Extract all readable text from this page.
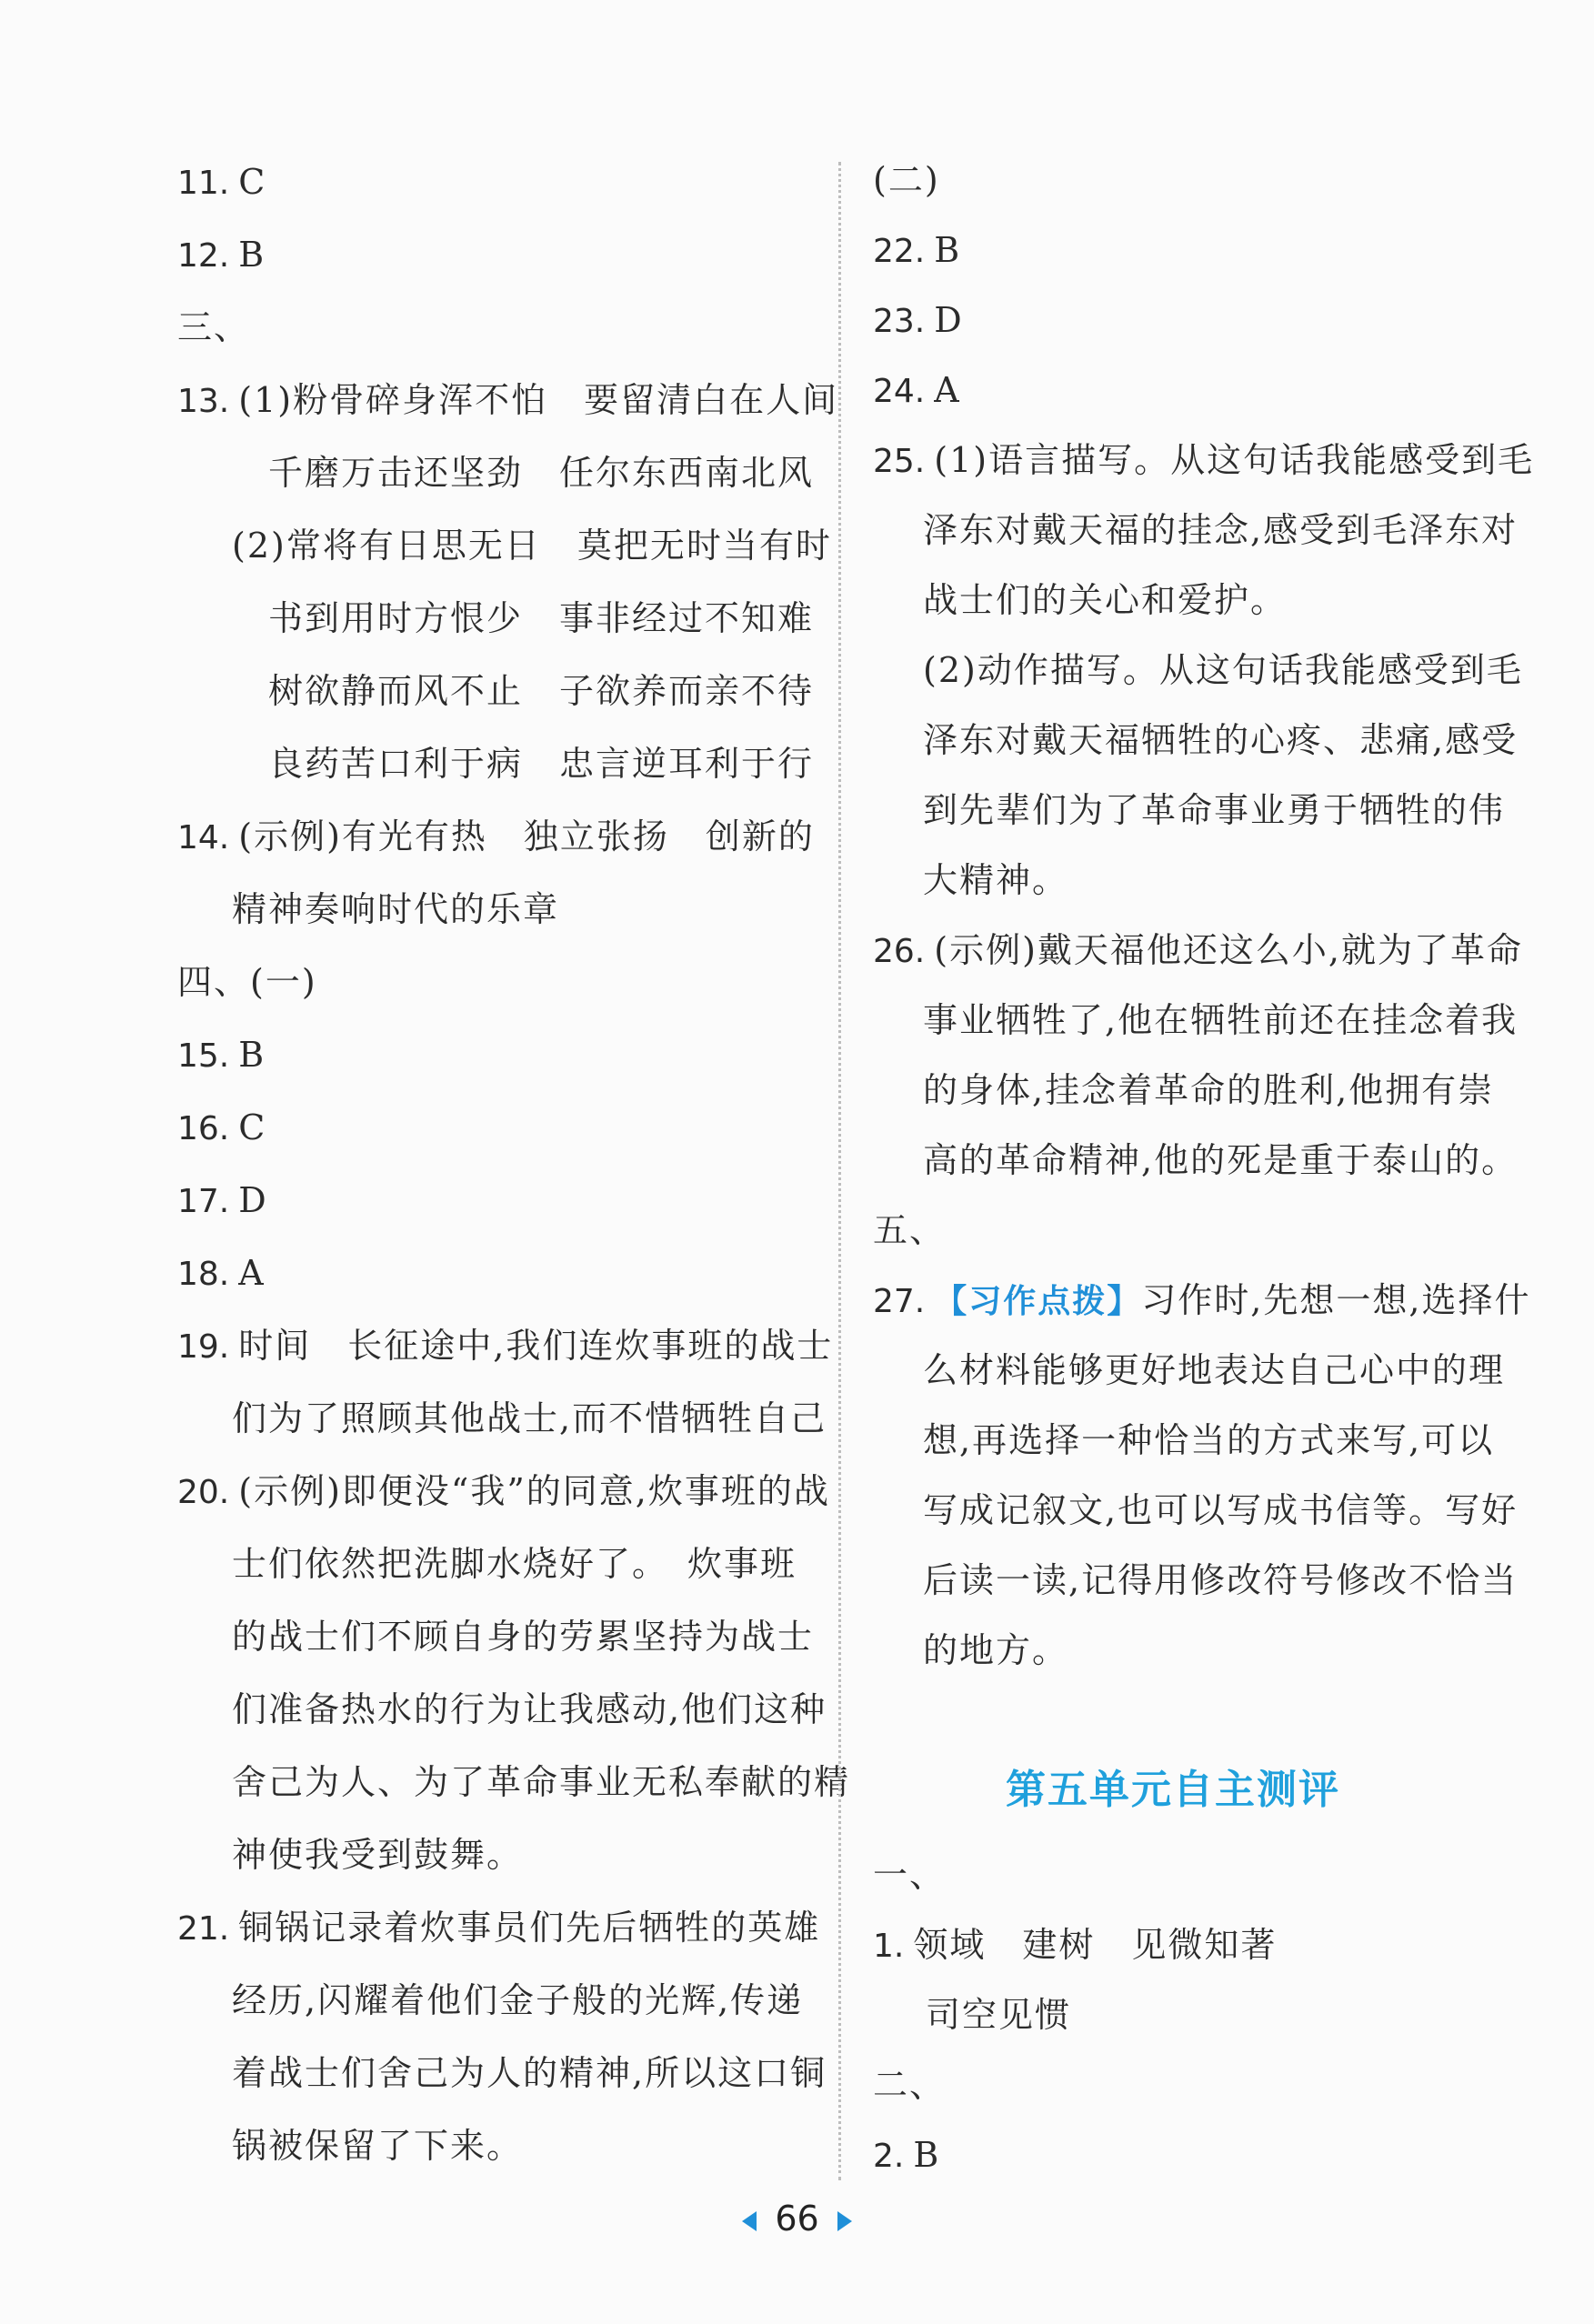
11. C
12. B
三、
13. (1)粉骨碎身浑不怕　要留清白在人间
千磨万击还坚劲　任尔东西南北风
(2)常将有日思无日　莫把无时当有时
书到用时方恨少　事非经过不知难
树欲静而风不止　子欲养而亲不待
良药苦口利于病　忠言逆耳利于行
14. (示例)有光有热　独立张扬　创新的
精神奏响时代的乐章
四、(一)
15. B
16. C
17. D
18. A
19. 时间　长征途中,我们连炊事班的战士
们为了照顾其他战士,而不惜牺牲自己
20. (示例)即便没“我”的同意,炊事班的战
士们依然把洗脚水烧好了。　炊事班
的战士们不顾自身的劳累坚持为战士
们准备热水的行为让我感动,他们这种
舍己为人、为了革命事业无私奉献的精
神使我受到鼓舞。
21. 铜锅记录着炊事员们先后牺牲的英雄
经历,闪耀着他们金子般的光辉,传递
着战士们舍己为人的精神,所以这口铜
锅被保留了下来。
(二)
22. B
23. D
24. A
25. (1)语言描写。从这句话我能感受到毛
泽东对戴天福的挂念,感受到毛泽东对
战士们的关心和爱护。
(2)动作描写。从这句话我能感受到毛
泽东对戴天福牺牲的心疼、悲痛,感受
到先辈们为了革命事业勇于牺牲的伟
大精神。
26. (示例)戴天福他还这么小,就为了革命
事业牺牲了,他在牺牲前还在挂念着我
的身体,挂念着革命的胜利,他拥有崇
高的革命精神,他的死是重于泰山的。
五、
27. 【习作点拨】习作时,先想一想,选择什
么材料能够更好地表达自己心中的理
想,再选择一种恰当的方式来写,可以
写成记叙文,也可以写成书信等。写好
后读一读,记得用修改符号修改不恰当
的地方。
第五单元自主测评
一、
1. 领域　建树　见微知著
司空见惯
二、
2. B
66
